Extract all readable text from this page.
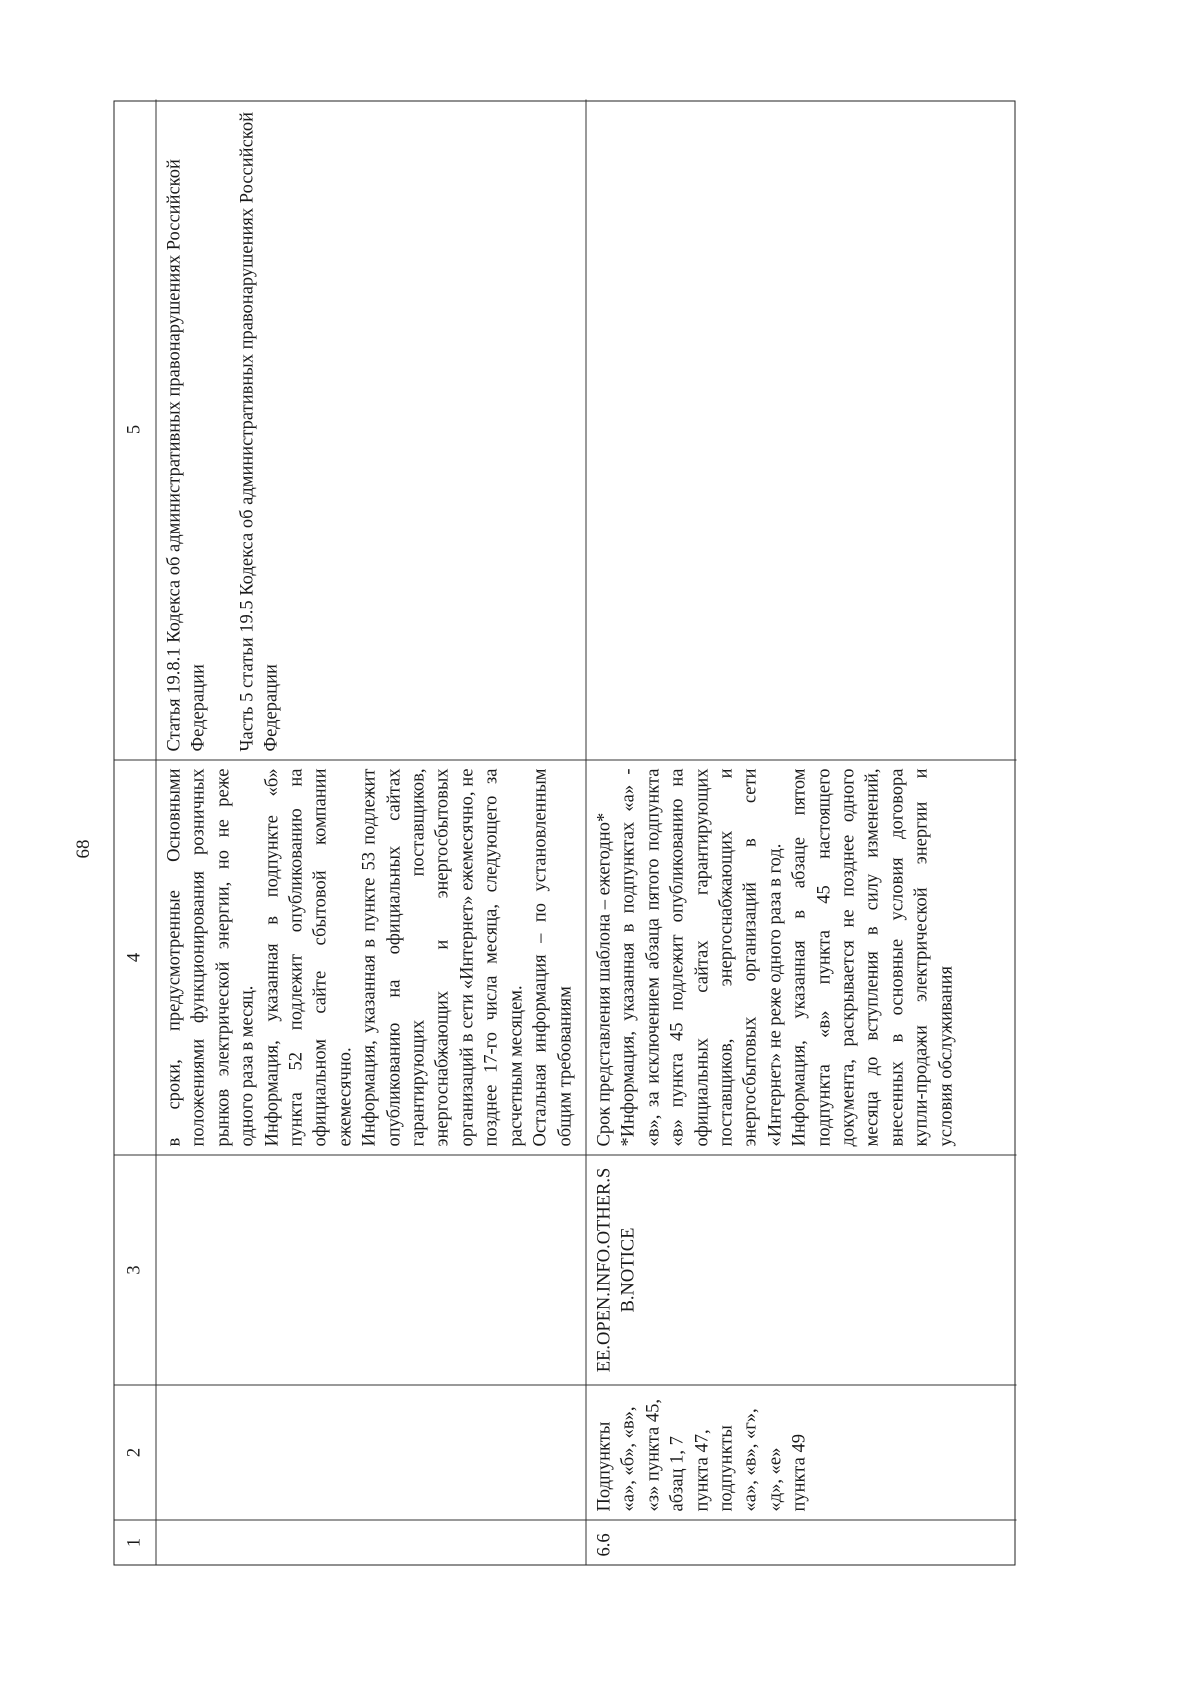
68
1
2
3
4
5

в сроки, предусмотренные Основными положениями функционирования розничных рынков электрической энергии, но не реже одного раза в месяц. Информация, указанная в подпункте «б» пункта 52 подлежит опубликованию на официальном сайте сбытовой компании ежемесячно. Информация, указанная в пункте 53 подлежит опубликованию на официальных сайтах гарантирующих поставщиков, энергоснабжающих и энергосбытовых организаций в сети «Интернет» ежемесячно, не позднее 17-го числа месяца, следующего за расчетным месяцем. Остальная информация – по установленным общим требованиям

Статья 19.8.1 Кодекса об административных правонарушениях Российской Федерации Часть 5 статьи 19.5 Кодекса об административных правонарушениях Российской Федерации

6.6

Подпункты «а», «б», «в», «з» пункта 45, абзац 1, 7 пункта 47, подпункты «а», «в», «г», «д», «е» пункта 49

EE.OPEN.INFO.OTHER.SB.NOTICE

Срок представления шаблона – ежегодно* *Информация, указанная в подпунктах «а» - «в», за исключением абзаца пятого подпункта «в» пункта 45 подлежит опубликованию на официальных сайтах гарантирующих поставщиков, энергоснабжающих и энергосбытовых организаций в сети «Интернет» не реже одного раза в год. Информация, указанная в абзаце пятом подпункта «в» пункта 45 настоящего документа, раскрывается не позднее одного месяца до вступления в силу изменений, внесенных в основные условия договора купли-продажи электрической энергии и условия обслуживания
